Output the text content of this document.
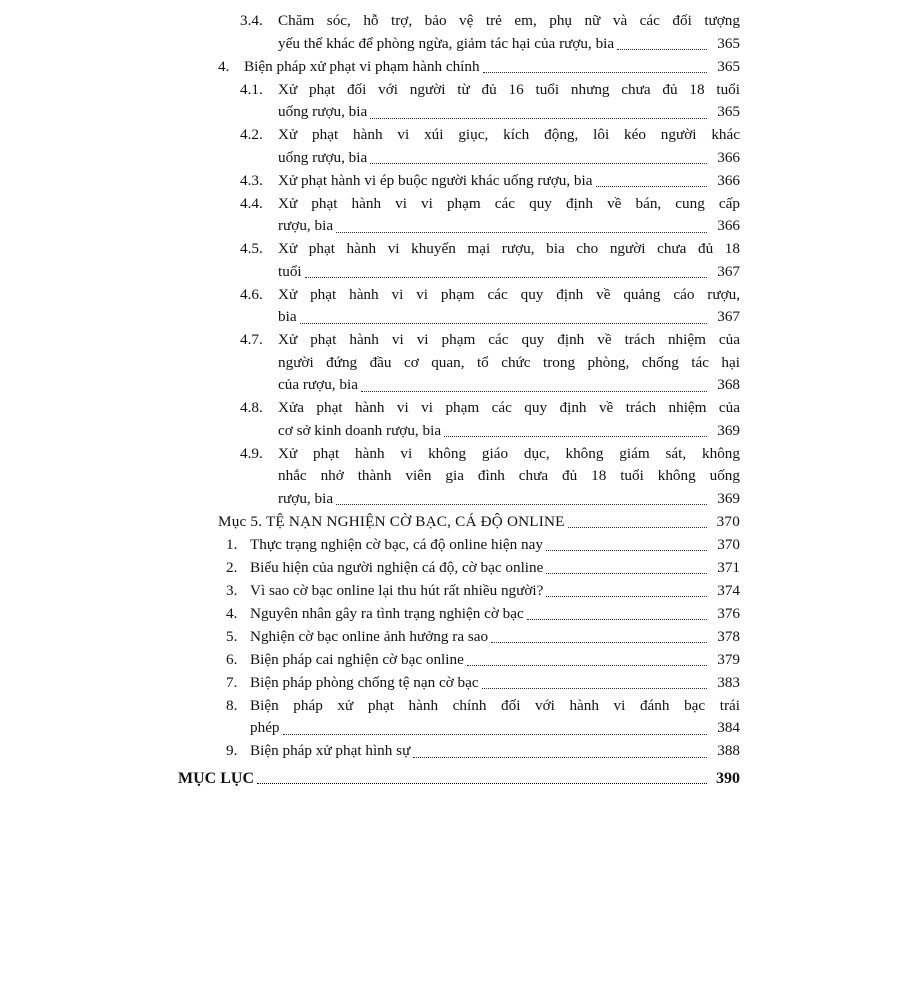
3.4.	Chăm sóc, hỗ trợ, bảo vệ trẻ em, phụ nữ và các đối tượng

yếu thế khác để phòng ngừa, giảm tác hại của rượu, bia	365

4. Biện pháp xử phạt vi phạm hành chính	365

4.1.	Xử phạt đối với người từ đủ 16 tuổi nhưng chưa đủ 18 tuổi

uống rượu, bia	365

4.2.	Xử phạt hành vi xúi giục, kích động, lôi kéo người khác

uống rượu, bia	366

4.3.	Xử phạt hành vi ép buộc người khác uống rượu, bia	366

4.4.	Xử phạt hành vi vi phạm các quy định về bán, cung cấp

rượu, bia	366

4.5.	Xử phạt hành vi khuyến mại rượu, bia cho người chưa đủ 18

tuổi	367

4.6.	Xử phạt hành vi vi phạm các quy định về quảng cáo rượu,

bia	367

4.7.	Xử phạt hành vi vi phạm các quy định về trách nhiệm của

người đứng đầu cơ quan, tổ chức trong phòng, chống tác hại

của rượu, bia	368

4.8.	Xửa phạt hành vi vi phạm các quy định về trách nhiệm của

cơ sở kinh doanh rượu, bia	369

4.9.	Xử phạt hành vi không giáo dục, không giám sát, không

nhắc nhở thành viên gia đình chưa đủ 18 tuổi không uống

rượu, bia	369

Mục 5. TỆ NẠN NGHIỆN CỜ BẠC, CÁ ĐỘ ONLINE	370

1. Thực trạng nghiện cờ bạc, cá độ online hiện nay	370

2. Biểu hiện của người nghiện cá độ, cờ bạc online	371

3. Vì sao cờ bạc online lại thu hút rất nhiều người?	374

4. Nguyên nhân gây ra tình trạng nghiện cờ bạc	376

5. Nghiện cờ bạc online ảnh hưởng ra sao	378

6. Biện pháp cai nghiện cờ bạc online	379

7. Biện pháp phòng chống tệ nạn cờ bạc	383

8. Biện pháp xử phạt hành chính đối với hành vi đánh bạc trái

phép	384

9. Biện pháp xử phạt hình sự	388

MỤC LỤC	390
